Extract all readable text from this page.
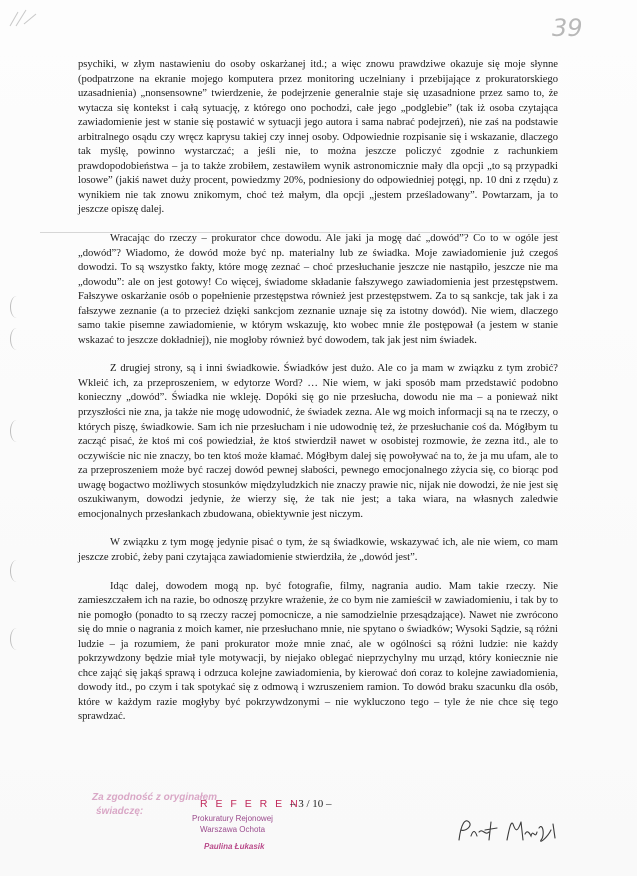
39

psychiki, w złym nastawieniu do osoby oskarżanej itd.; a więc znowu prawdziwe okazuje się moje słynne (podpatrzone na ekranie mojego komputera przez monitoring uczelniany i przebijające z prokuratorskiego uzasadnienia) „nonsensowne” twierdzenie, że podejrzenie generalnie staje się uzasadnione przez samo to, że wytacza się kontekst i całą sytuację, z którego ono pochodzi, całe jego „podglebie” (tak iż osoba czytająca zawiadomienie jest w stanie się postawić w sytuacji jego autora i sama nabrać podejrzeń), nie zaś na podstawie arbitralnego osądu czy wręcz kaprysu takiej czy innej osoby. Odpowiednie rozpisanie się i wskazanie, dlaczego tak myślę, powinno wystarczać; a jeśli nie, to można jeszcze policzyć zgodnie z rachunkiem prawdopodobieństwa – ja to także zrobiłem, zestawiłem wynik astronomicznie mały dla opcji „to są przypadki losowe” (jakiś nawet duży procent, powiedzmy 20%, podniesiony do odpowiedniej potęgi, np. 10 dni z rzędu) z wynikiem nie tak znowu znikomym, choć też małym, dla opcji „jestem prześladowany”. Powtarzam, ja to jeszcze opiszę dalej.

Wracając do rzeczy – prokurator chce dowodu. Ale jaki ja mogę dać „dowód”? Co to w ogóle jest „dowód”? Wiadomo, że dowód może być np. materialny lub ze świadka. Moje zawiadomienie już czegoś dowodzi. To są wszystko fakty, które mogę zeznać – choć przesłuchanie jeszcze nie nastąpiło, jeszcze nie ma „dowodu”: ale on jest gotowy! Co więcej, świadome składanie fałszywego zawiadomienia jest przestępstwem. Fałszywe oskarżanie osób o popełnienie przestępstwa również jest przestępstwem. Za to są sankcje, tak jak i za fałszywe zeznanie (a to przecież dzięki sankcjom zeznanie uznaje się za istotny dowód). Nie wiem, dlaczego samo takie pisemne zawiadomienie, w którym wskazuję, kto wobec mnie źle postępował (a jestem w stanie wskazać to jeszcze dokładniej), nie mogłoby również być dowodem, tak jak jest nim świadek.

Z drugiej strony, są i inni świadkowie. Świadków jest dużo. Ale co ja mam w związku z tym zrobić? Wkleić ich, za przeproszeniem, w edytorze Word? … Nie wiem, w jaki sposób mam przedstawić podobno konieczny „dowód”. Świadka nie wkleję. Dopóki się go nie przesłucha, dowodu nie ma – a ponieważ nikt przyszłości nie zna, ja także nie mogę udowodnić, że świadek zezna. Ale wg moich informacji są na te rzeczy, o których piszę, świadkowie. Sam ich nie przesłucham i nie udowodnię też, że przesłuchanie coś da. Mógłbym tu zacząć pisać, że ktoś mi coś powiedział, że ktoś stwierdził nawet w osobistej rozmowie, że zezna itd., ale to oczywiście nic nie znaczy, bo ten ktoś może kłamać. Mógłbym dalej się powoływać na to, że ja mu ufam, ale to za przeproszeniem może być raczej dowód pewnej słabości, pewnego emocjonalnego zżycia się, co biorąc pod uwagę bogactwo możliwych stosunków międzyludzkich nie znaczy prawie nic, nijak nie dowodzi, że nie jest się oszukiwanym, dowodzi jedynie, że wierzy się, że tak nie jest; a taka wiara, na własnych zaledwie emocjonalnych przesłankach zbudowana, obiektywnie jest niczym.

W związku z tym mogę jedynie pisać o tym, że są świadkowie, wskazywać ich, ale nie wiem, co mam jeszcze zrobić, żeby pani czytająca zawiadomienie stwierdziła, że „dowód jest”.

Idąc dalej, dowodem mogą np. być fotografie, filmy, nagrania audio. Mam takie rzeczy. Nie zamieszczałem ich na razie, bo odnoszę przykre wrażenie, że co bym nie zamieścił w zawiadomieniu, i tak by to nie pomogło (ponadto to są rzeczy raczej pomocnicze, a nie samodzielnie przesądzające). Nawet nie zwrócono się do mnie o nagrania z moich kamer, nie przesłuchano mnie, nie spytano o świadków; Wysoki Sądzie, są różni ludzie – ja rozumiem, że pani prokurator może mnie znać, ale w ogólności są różni ludzie: nie każdy pokrzywdzony będzie miał tyle motywacji, by niejako oblegać nieprzychylny mu urząd, który koniecznie nie chce zająć się jakąś sprawą i odrzuca kolejne zawiadomienia, by kierować doń coraz to kolejne zawiadomienia, dowody itd., po czym i tak spotykać się z odmową i wzruszeniem ramion. To dowód braku szacunku dla osób, które w każdym razie mogłyby być pokrzywdzonymi – nie wykluczono tego – tyle że nie chce się tego sprawdzać.

Za zgodność z oryginałem
świadczę:
R E F E R E N
– 3 / 10 –
Prokuratury Rejonowej
Warszawa Ochota
Paulina Łukasik
